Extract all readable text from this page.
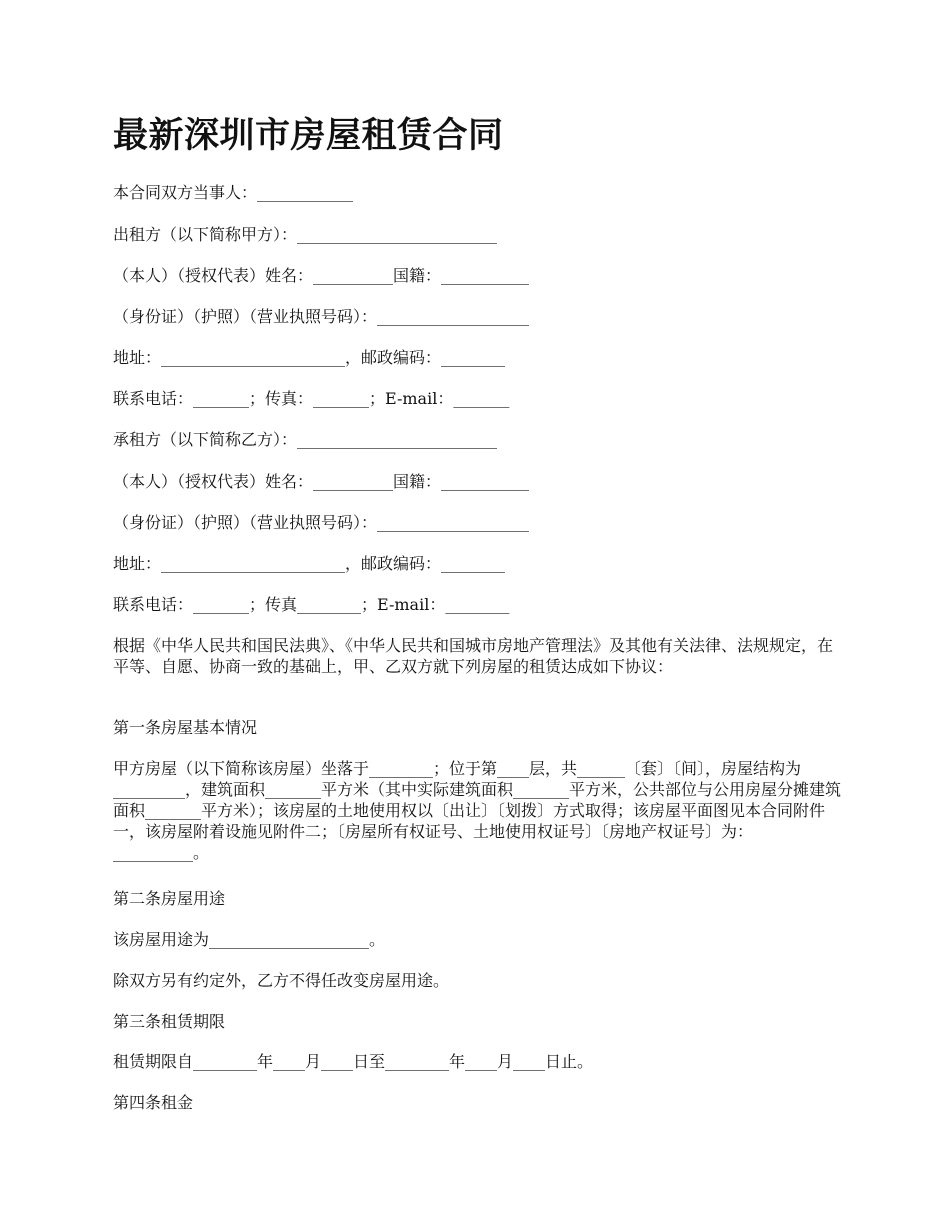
最新深圳市房屋租赁合同

本合同双方当事人：____________

出租方（以下简称甲方）：_________________________

（本人）（授权代表）姓名：__________国籍：___________

（身份证）（护照）（营业执照号码）：___________________

地址：_______________________，邮政编码：________

联系电话：_______；传真：_______；E-mail：_______

承租方（以下简称乙方）：_________________________

（本人）（授权代表）姓名：__________国籍：___________

（身份证）（护照）（营业执照号码）：___________________

地址：_______________________，邮政编码：________

联系电话：_______；传真________；E-mail：________

根据《中华人民共和国民法典》、《中华人民共和国城市房地产管理法》及其他有关法律、法规规定，在平等、自愿、协商一致的基础上，甲、乙双方就下列房屋的租赁达成如下协议：

第一条房屋基本情况

甲方房屋（以下简称该房屋）坐落于________；位于第____层，共______〔套〕〔间〕，房屋结构为_________，建筑面积_______平方米（其中实际建筑面积_______平方米，公共部位与公用房屋分摊建筑面积_______平方米）；该房屋的土地使用权以〔出让〕〔划拨〕方式取得；该房屋平面图见本合同附件一，该房屋附着设施见附件二；〔房屋所有权证号、土地使用权证号〕〔房地产权证号〕为：__________。

第二条房屋用途

该房屋用途为____________________。

除双方另有约定外，乙方不得任改变房屋用途。

第三条租赁期限

租赁期限自________年____月____日至________年____月____日止。

第四条租金
